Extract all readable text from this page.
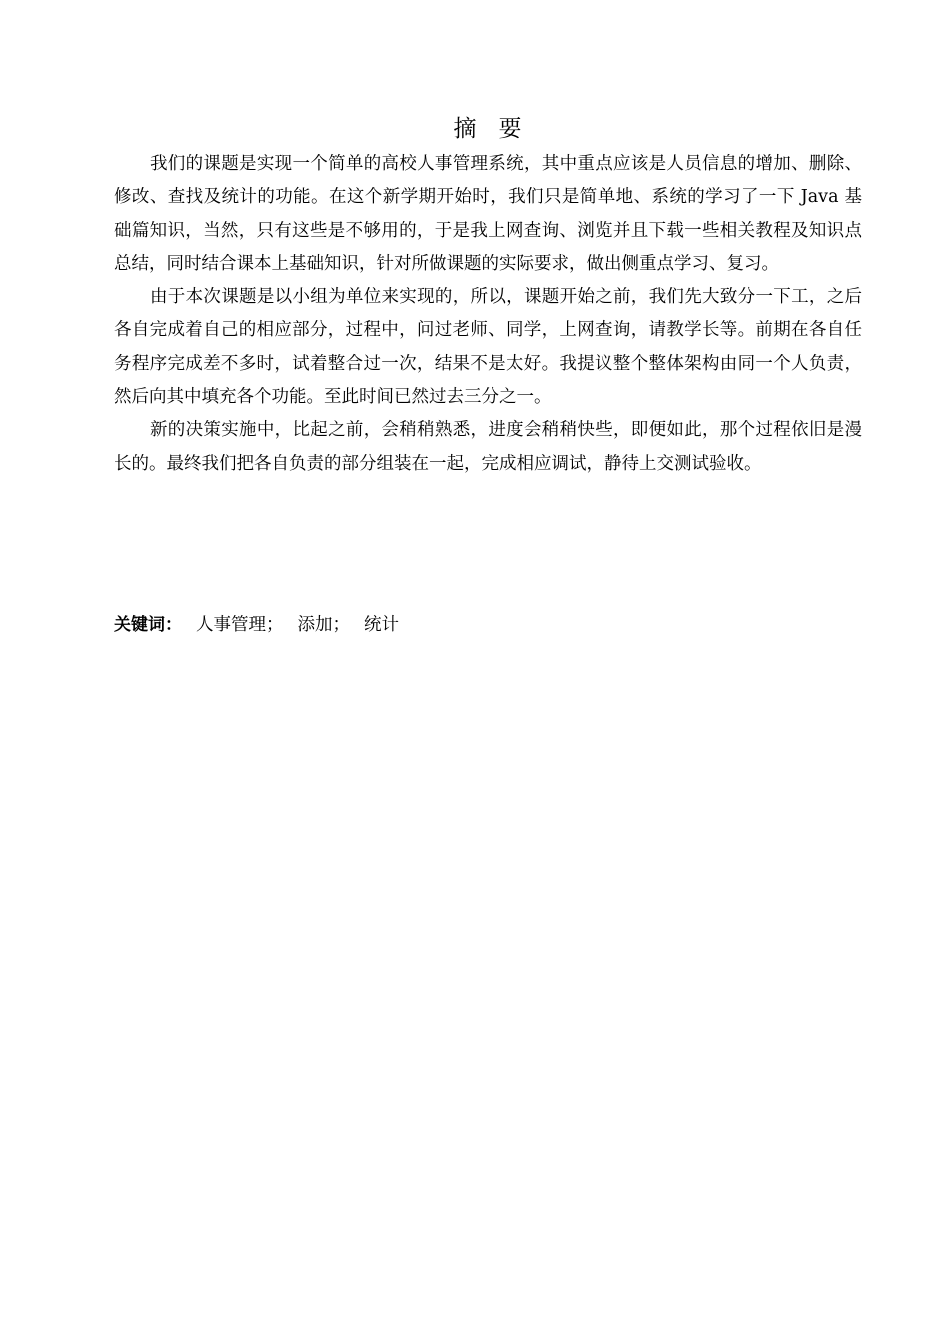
摘 要

我们的课题是实现一个简单的高校人事管理系统，其中重点应该是人员信息的增加、删除、修改、查找及统计的功能。在这个新学期开始时，我们只是简单地、系统的学习了一下 Java 基础篇知识，当然，只有这些是不够用的，于是我上网查询、浏览并且下载一些相关教程及知识点总结，同时结合课本上基础知识，针对所做课题的实际要求，做出侧重点学习、复习。

由于本次课题是以小组为单位来实现的，所以，课题开始之前，我们先大致分一下工，之后各自完成着自己的相应部分，过程中，问过老师、同学，上网查询，请教学长等。前期在各自任务程序完成差不多时，试着整合过一次，结果不是太好。我提议整个整体架构由同一个人负责，然后向其中填充各个功能。至此时间已然过去三分之一。

新的决策实施中，比起之前，会稍稍熟悉，进度会稍稍快些，即便如此，那个过程依旧是漫长的。最终我们把各自负责的部分组装在一起，完成相应调试，静待上交测试验收。

关键词： 人事管理； 添加； 统计
